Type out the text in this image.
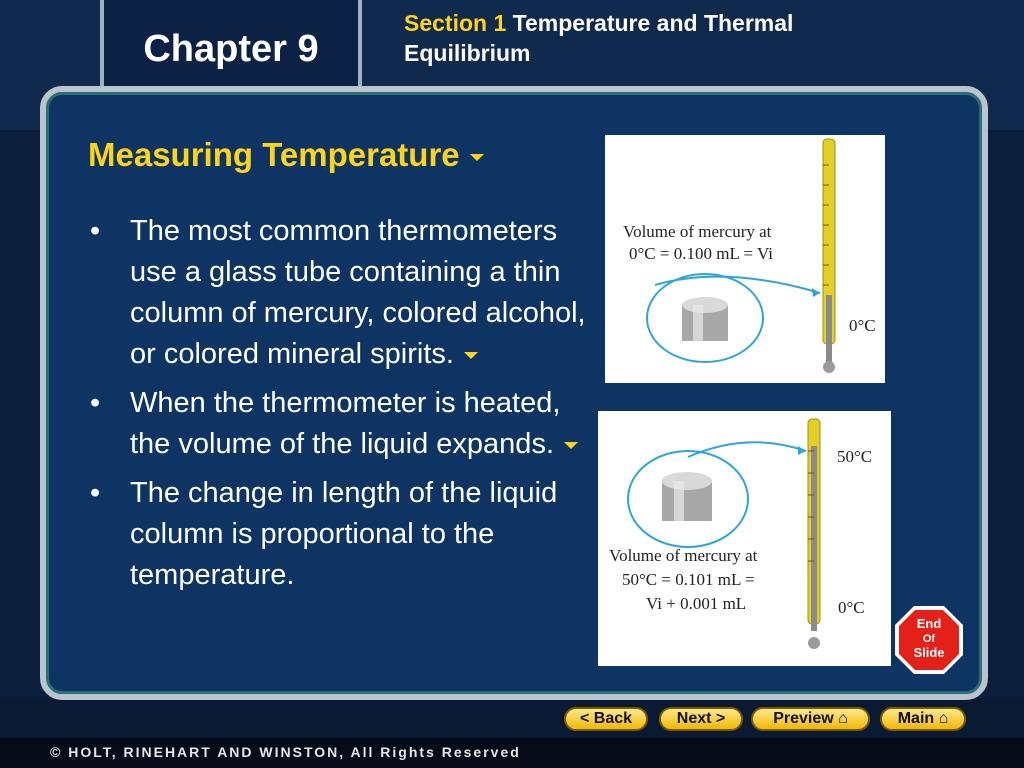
Chapter 9
Section 1 Temperature and Thermal Equilibrium
Measuring Temperature
• The most common thermometers use a glass tube containing a thin column of mercury, colored alcohol, or colored mineral spirits.
• When the thermometer is heated, the volume of the liquid expands.
• The change in length of the liquid column is proportional to the temperature.
Volume of mercury at
0°C = 0.100 mL = Vi
0°C
50°C
Volume of mercury at
50°C = 0.101 mL =
Vi + 0.001 mL	0°C
End
Of
Slide
< Back	Next >	Preview ⌂	Main ⌂
© HOLT, RINEHART AND WINSTON, All Rights Reserved
